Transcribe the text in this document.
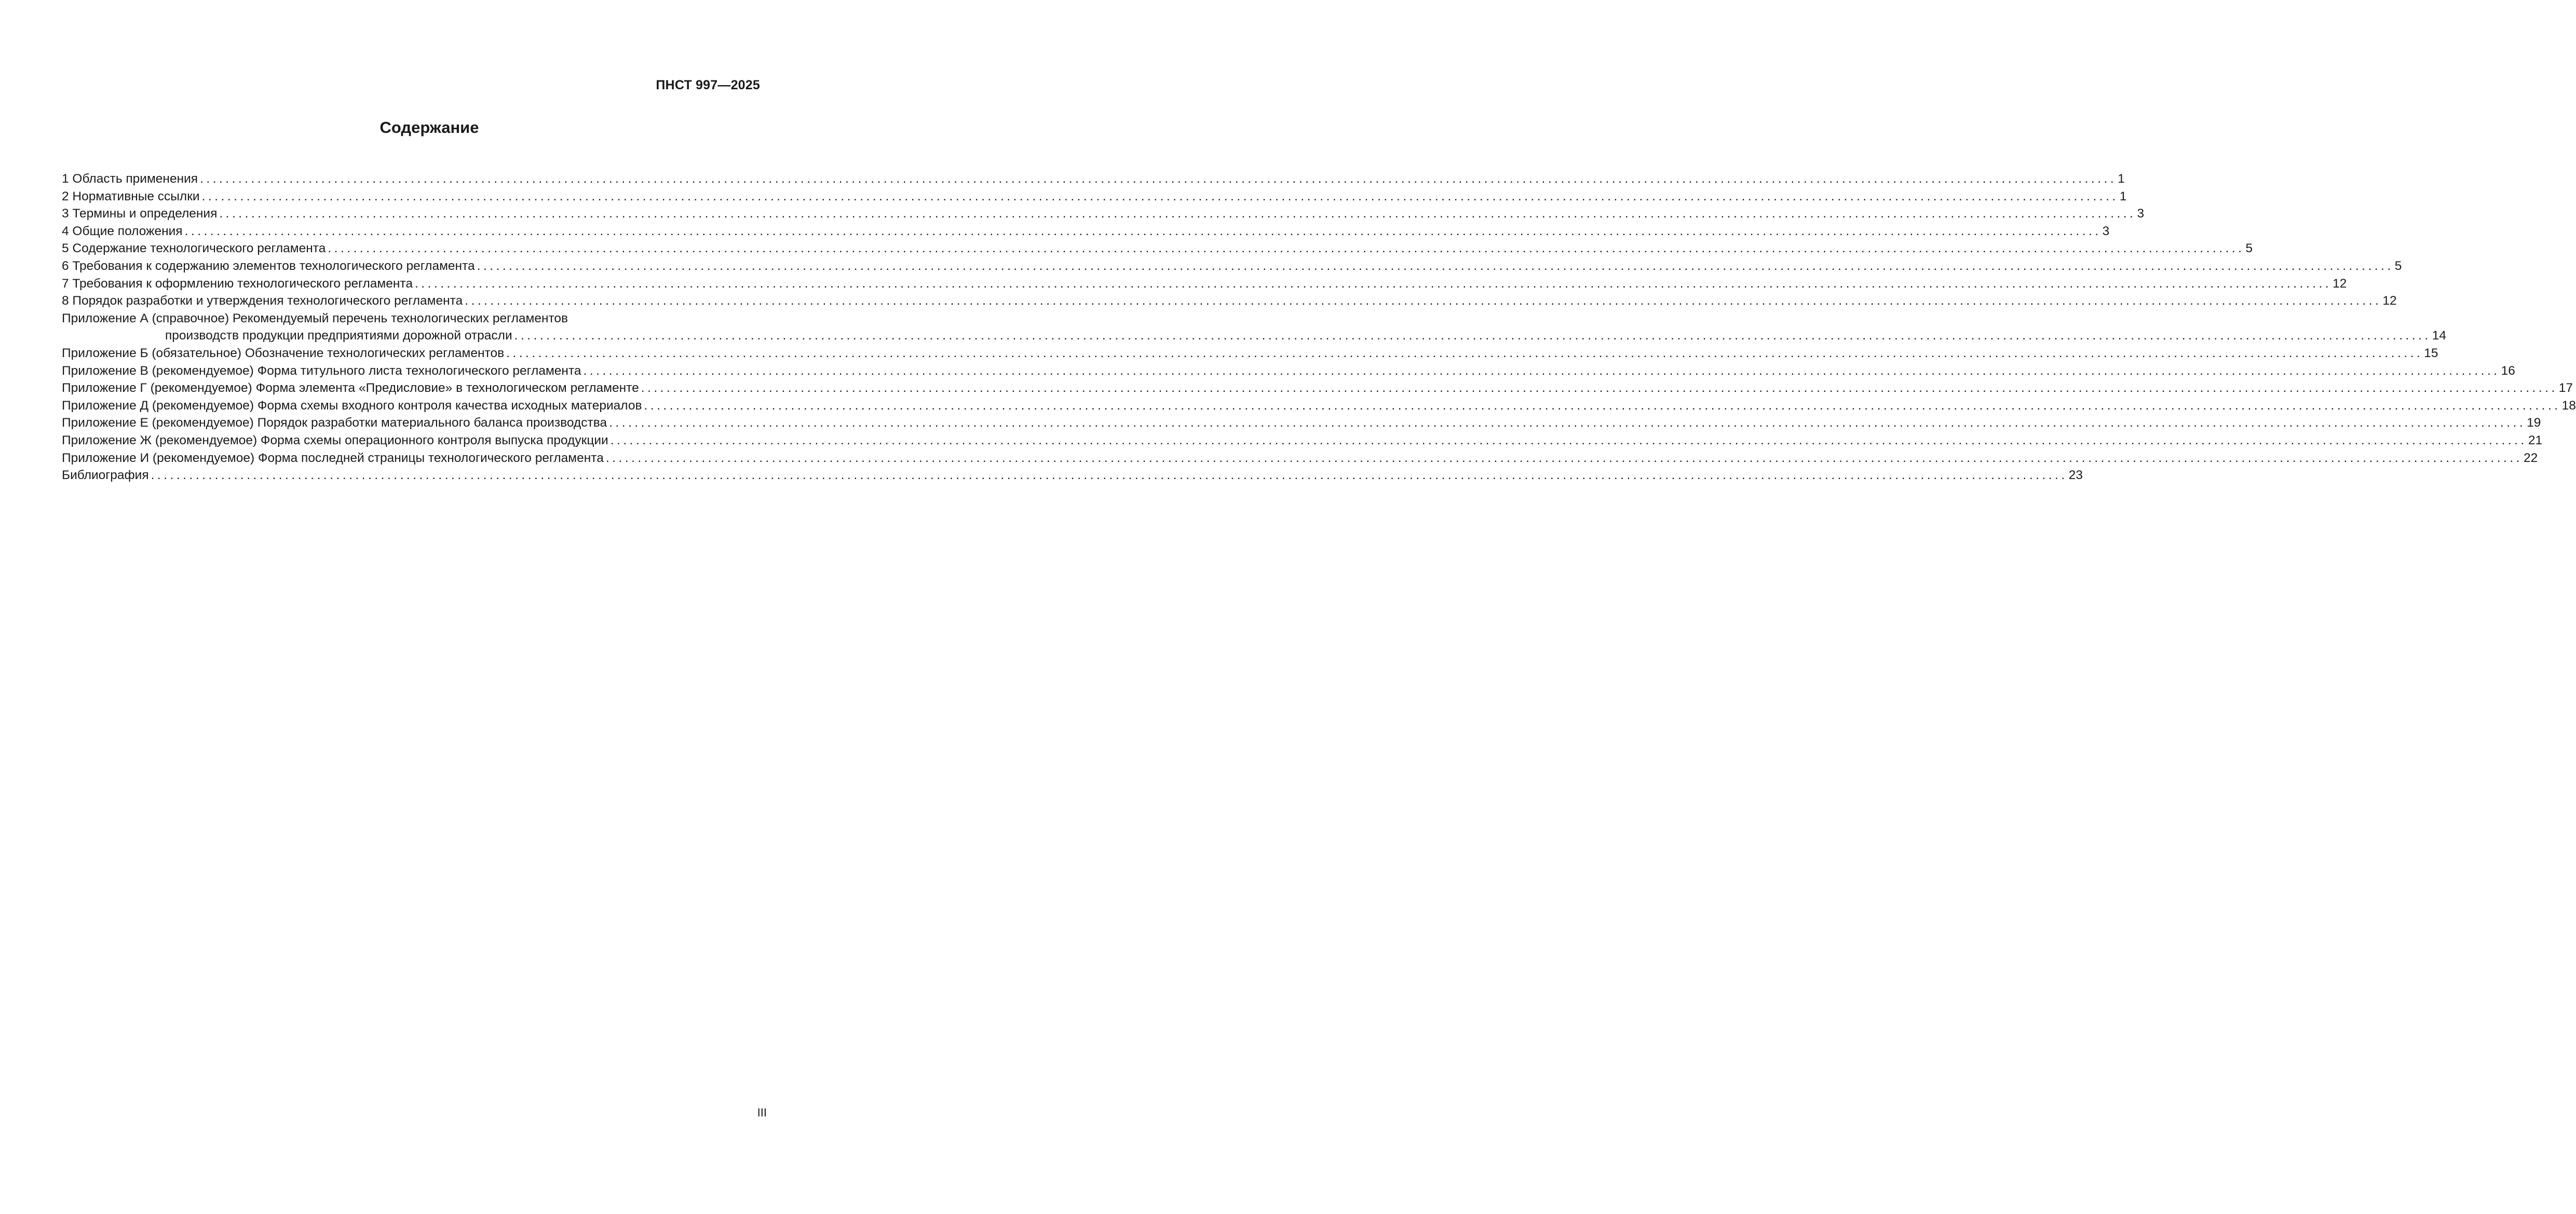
ПНСТ 997—2025
Содержание
1 Область применения ............................................................................................................................................................................................................................................................................................................ 1
2 Нормативные ссылки ............................................................................................................................................................................................................................................................................................................ 1
3 Термины и определения ............................................................................................................................................................................................................................................................................................................ 3
4 Общие положения ............................................................................................................................................................................................................................................................................................................ 3
5 Содержание технологического регламента ............................................................................................................................................................................................................................................................................................................ 5
6 Требования к содержанию элементов технологического регламента ............................................................................................................................................................................................................................................................................................................ 5
7 Требования к оформлению технологического регламента ............................................................................................................................................................................................................................................................................................................ 12
8 Порядок разработки и утверждения технологического регламента ............................................................................................................................................................................................................................................................................................................ 12
Приложение А (справочное) Рекомендуемый перечень технологических регламентов
производств продукции предприятиями дорожной отрасли ............................................................................................................................................................................................................................................................................................................ 14
Приложение Б (обязательное) Обозначение технологических регламентов ............................................................................................................................................................................................................................................................................................................ 15
Приложение В (рекомендуемое) Форма титульного листа технологического регламента ............................................................................................................................................................................................................................................................................................................ 16
Приложение Г (рекомендуемое) Форма элемента «Предисловие» в технологическом регламенте ............................................................................................................................................................................................................................................................................................................ 17
Приложение Д (рекомендуемое) Форма схемы входного контроля качества исходных материалов ............................................................................................................................................................................................................................................................................................................ 18
Приложение Е (рекомендуемое) Порядок разработки материального баланса производства ............................................................................................................................................................................................................................................................................................................ 19
Приложение Ж (рекомендуемое) Форма схемы операционного контроля выпуска продукции ............................................................................................................................................................................................................................................................................................................ 21
Приложение И (рекомендуемое) Форма последней страницы технологического регламента ............................................................................................................................................................................................................................................................................................................ 22
Библиография ............................................................................................................................................................................................................................................................................................................ 23
III
